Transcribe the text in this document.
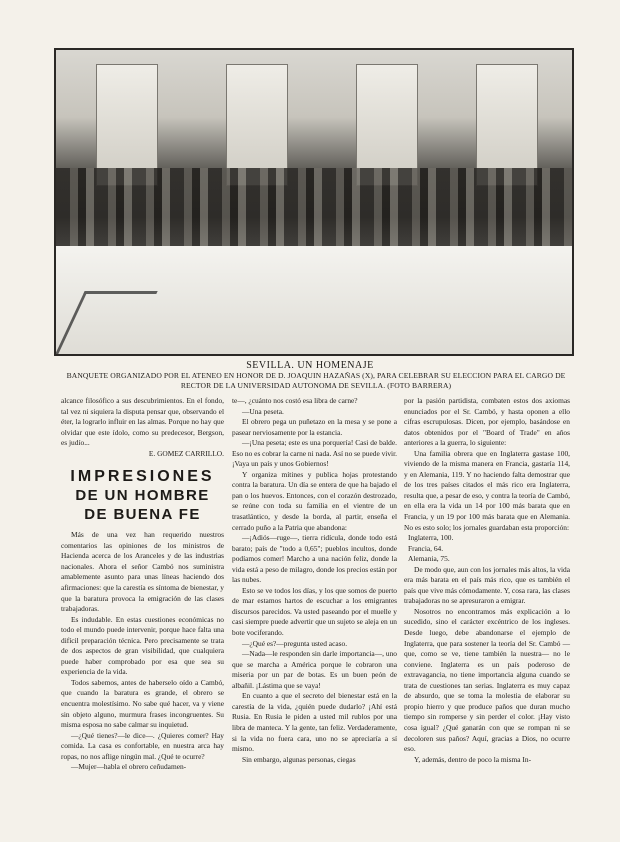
SEVILLA. UN HOMENAJE
BANQUETE ORGANIZADO POR EL ATENEO EN HONOR DE D. JOAQUIN HAZAÑAS (X), PARA CELEBRAR SU ELECCION PARA EL CARGO DE RECTOR DE LA UNIVERSIDAD AUTONOMA DE SEVILLA. (FOTO BARRERA)

alcance filosófico a sus descubrimientos. En el fondo, tal vez ni siquiera la disputa pensar que, observando el éter, la lograrlo influir en las almas. Porque no hay que olvidar que este ídolo, como su predecesor, Bergson, es judío...

E. GOMEZ CARRILLO.

IMPRESIONES
DE UN HOMBRE
DE BUENA FE

Más de una vez han requerido nuestros comentarios las opiniones de los ministros de Hacienda acerca de los Aranceles y de las industrias nacionales. Ahora el señor Cambó nos suministra amablemente asunto para unas líneas haciendo dos afirmaciones: que la carestía es síntoma de bienestar, y que la baratura provoca la emigración de las clases trabajadoras.

Es indudable. En estas cuestiones económicas no todo el mundo puede intervenir, porque hace falta una difícil preparación técnica. Pero precisamente se trata de dos aspectos de gran visibilidad, que cualquiera puede haber comprobado por esa que sea su experiencia de la vida.

Todos sabemos, antes de haberselo oído a Cambó, que cuando la baratura es grande, el obrero se encuentra molestísimo. No sabe qué hacer, va y viene sin objeto alguno, murmura frases incongruentes. Su misma esposa no sabe calmar su inquietud.

—¿Qué tienes?—le dice—. ¿Quieres comer? Hay comida. La casa es confortable, en nuestra arca hay ropas, no nos aflige ningún mal. ¿Qué te ocurre?

—Mujer—habla el obrero ceñudamen-

te—, ¿cuánto nos costó esa libra de carne?

—Una peseta.

El obrero pega un puñetazo en la mesa y se pone a pasear nerviosamente por la estancia.

—¡Una peseta; este es una porquería! Casi de balde. Eso no es cobrar la carne ni nada. Así no se puede vivir. ¡Vaya un país y unos Gobiernos!

Y organiza mítines y publica hojas protestando contra la baratura. Un día se entera de que ha bajado el pan o los huevos. Entonces, con el corazón destrozado, se reúne con toda su familia en el vientre de un trasatlántico, y desde la borda, al partir, enseña el cerrado puño a la Patria que abandona:

—¡Adiós—ruge—, tierra ridícula, donde todo está barato; país de "todo a 0,65"; pueblos incultos, donde podíamos comer! Marcho a una nación feliz, donde la vida está a peso de milagro, donde los precios están por las nubes.

Esto se ve todos los días, y los que somos de puerto de mar estamos hartos de escuchar a los emigrantes discursos parecidos. Va usted paseando por el muelle y casi siempre puede advertir que un sujeto se aleja en un bote vociferando.

—¿Qué es?—pregunta usted acaso.

—Nada—le responden sin darle importancia—, uno que se marcha a América porque le cobraron una miseria por un par de botas. Es un buen peón de albañil. ¡Lástima que se vaya!

En cuanto a que el secreto del bienestar está en la carestía de la vida, ¿quién puede dudarlo? ¡Ahí está Rusia. En Rusia le piden a usted mil rublos por una libra de manteca. Y la gente, tan feliz. Verdaderamente, si la vida no fuera cara, uno no se apreciaría a sí mismo.

Sin embargo, algunas personas, ciegas

por la pasión partidista, combaten estos dos axiomas enunciados por el Sr. Cambó, y hasta oponen a ello cifras escrupulosas. Dicen, por ejemplo, basándose en datos obtenidos por el "Board of Trade" en años anteriores a la guerra, lo siguiente:

Una familia obrera que en Inglaterra gastase 100, viviendo de la misma manera en Francia, gastaría 114, y en Alemania, 119. Y no haciendo falta demostrar que de los tres países citados el más rico era Inglaterra, resulta que, a pesar de eso, y contra la teoría de Cambó, en ella era la vida un 14 por 100 más barata que en Francia, y un 19 por 100 más barata que en Alemania. No es esto solo; los jornales guardaban esta proporción:

Inglaterra, 100.
Francia, 64.
Alemania, 75.

De modo que, aun con los jornales más altos, la vida era más barata en el país más rico, que es también el país que vive más cómodamente. Y, cosa rara, las clases trabajadoras no se apresuraron a emigrar.

Nosotros no encontramos más explicación a lo sucedido, sino el carácter excéntrico de los ingleses. Desde luego, debe abandonarse el ejemplo de Inglaterra, que para sostener la teoría del Sr. Cambó —que, como se ve, tiene también la nuestra— no le conviene. Inglaterra es un país poderoso de extravagancia, no tiene importancia alguna cuando se trata de cuestiones tan serias. Inglaterra es muy capaz de absurdo, que se toma la molestia de elaborar su propio hierro y que produce paños que duran mucho tiempo sin romperse y sin perder el color. ¡Hay visto cosa igual? ¿Qué ganarán con que se rompan ni se decoloren sus paños? Aquí, gracias a Dios, no ocurre eso.

Y, además, dentro de poco la misma In-
